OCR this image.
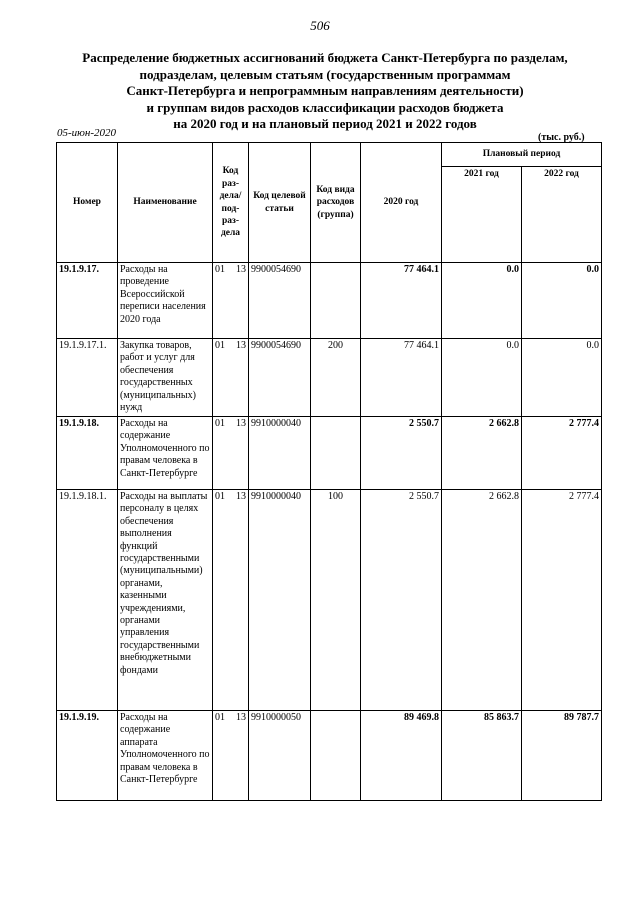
506
Распределение бюджетных ассигнований бюджета Санкт-Петербурга по разделам,
подразделам, целевым статьям (государственным программам
Санкт-Петербурга и непрограммным направлениям деятельности)
и группам видов расходов классификации расходов бюджета
на 2020 год и на плановый период 2021 и 2022 годов
05-июн-2020	(тыс. руб.)
Номер	Наименование	Код раз-дела/ под-раз-дела	Код целевой статьи	Код вида расходов (группа)	2020 год	Плановый период	
						2021 год	2022 год
19.1.9.17.	Расходы на проведение Всероссийской переписи населения 2020 года	01 13	9900054690		77 464.1	0.0	0.0
19.1.9.17.1.	Закупка товаров, работ и услуг для обеспечения государственных (муниципальных) нужд	01 13	9900054690	200	77 464.1	0.0	0.0
19.1.9.18.	Расходы на содержание Уполномоченного по правам человека в Санкт-Петербурге	01 13	9910000040		2 550.7	2 662.8	2 777.4
19.1.9.18.1.	Расходы на выплаты персоналу в целях обеспечения выполнения функций государственными (муниципальными) органами, казенными учреждениями, органами управления государственными внебюджетными фондами	01 13	9910000040	100	2 550.7	2 662.8	2 777.4
19.1.9.19.	Расходы на содержание аппарата Уполномоченного по правам человека в Санкт-Петербурге	01 13	9910000050		89 469.8	85 863.7	89 787.7
